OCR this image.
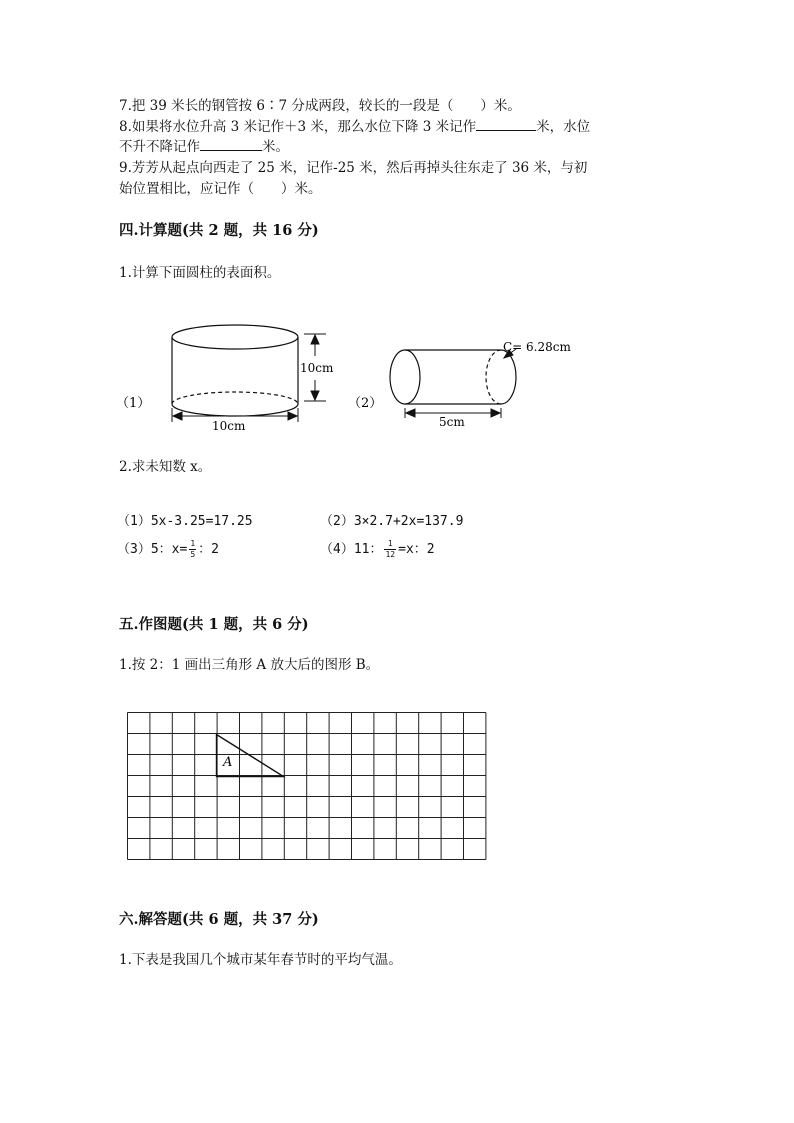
7.把 39 米长的钢管按 6∶7 分成两段，较长的一段是（　　）米。
8.如果将水位升高 3 米记作＋3 米，那么水位下降 3 米记作	米，水位
不升不降记作	米。
9.芳芳从起点向西走了 25 米，记作-25 米，然后再掉头往东走了 36 米，与初
始位置相比，应记作（　　）米。
四.计算题(共 2 题，共 16 分)
1.计算下面圆柱的表面积。
（1）
10cm
10cm
（2）
C= 6.28cm
5cm
2.求未知数 x。
（1）5x-3.25=17.25	（2）3×2.7+2x=137.9
（3）5：$x= \frac{1}{5}$ ：2	（4）11： $\frac{1}{12} =x$：2
五.作图题(共 1 题，共 6 分)
1.按 2：1 画出三角形 A 放大后的图形 B。
A
六.解答题(共 6 题，共 37 分)
1.下表是我国几个城市某年春节时的平均气温。
